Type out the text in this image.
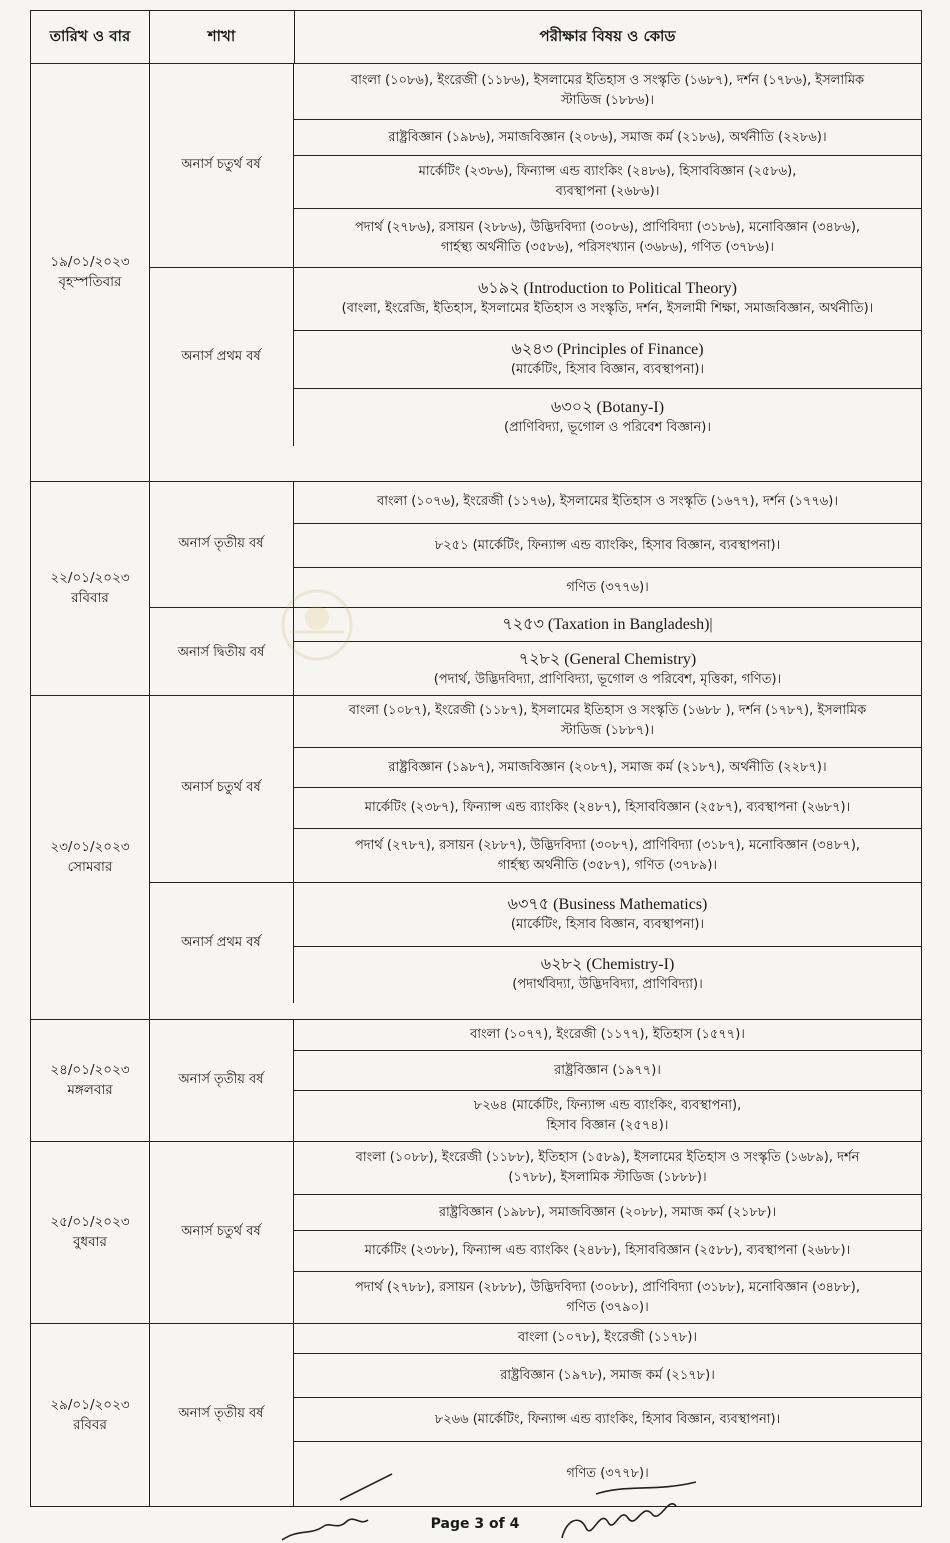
তারিখ ও বার	শাখা	পরীক্ষার বিষয় ও কোড
১৯/০১/২০২৩
বৃহস্পতিবার
অনার্স চতুর্থ বর্ষ
বাংলা (১০৮৬), ইংরেজী (১১৮৬), ইসলামের ইতিহাস ও সংস্কৃতি (১৬৮৭), দর্শন (১৭৮৬), ইসলামিক
স্টাডিজ (১৮৮৬)।
রাষ্ট্রবিজ্ঞান (১৯৮৬), সমাজবিজ্ঞান (২০৮৬), সমাজ কর্ম (২১৮৬), অর্থনীতি (২২৮৬)।
মার্কেটিং (২৩৮৬), ফিন্যান্স এন্ড ব্যাংকিং (২৪৮৬), হিসাববিজ্ঞান (২৫৮৬),
ব্যবস্থাপনা (২৬৮৬)।
পদার্থ (২৭৮৬), রসায়ন (২৮৮৬), উদ্ভিদবিদ্যা (৩০৮৬), প্রাণিবিদ্যা (৩১৮৬), মনোবিজ্ঞান (৩৪৮৬),
গার্হস্থ্য অর্থনীতি (৩৫৮৬), পরিসংখ্যান (৩৬৮৬), গণিত (৩৭৮৬)।
অনার্স প্রথম বর্ষ
৬১৯২ (Introduction to Political Theory)
(বাংলা, ইংরেজি, ইতিহাস, ইসলামের ইতিহাস ও সংস্কৃতি, দর্শন, ইসলামী শিক্ষা, সমাজবিজ্ঞান, অর্থনীতি)।
৬২৪৩ (Principles of Finance)
(মার্কেটিং, হিসাব বিজ্ঞান, ব্যবস্থাপনা)।
৬৩০২ (Botany-I)
(প্রাণিবিদ্যা, ভূগোল ও পরিবেশ বিজ্ঞান)।
২২/০১/২০২৩
রবিবার
অনার্স তৃতীয় বর্ষ
বাংলা (১০৭৬), ইংরেজী (১১৭৬), ইসলামের ইতিহাস ও সংস্কৃতি (১৬৭৭), দর্শন (১৭৭৬)।
৮২৫১ (মার্কেটিং, ফিন্যান্স এন্ড ব্যাংকিং, হিসাব বিজ্ঞান, ব্যবস্থাপনা)।
গণিত (৩৭৭৬)।
অনার্স দ্বিতীয় বর্ষ
৭২৫৩ (Taxation in Bangladesh)|
৭২৮২ (General Chemistry)
(পদার্থ, উদ্ভিদবিদ্যা, প্রাণিবিদ্যা, ভূগোল ও পরিবেশ, মৃত্তিকা, গণিত)।
২৩/০১/২০২৩
সোমবার
অনার্স চতুর্থ বর্ষ
বাংলা (১০৮৭), ইংরেজী (১১৮৭), ইসলামের ইতিহাস ও সংস্কৃতি (১৬৮৮ ), দর্শন (১৭৮৭), ইসলামিক
স্টাডিজ (১৮৮৭)।
রাষ্ট্রবিজ্ঞান (১৯৮৭), সমাজবিজ্ঞান (২০৮৭), সমাজ কর্ম (২১৮৭), অর্থনীতি (২২৮৭)।
মার্কেটিং (২৩৮৭), ফিন্যান্স এন্ড ব্যাংকিং (২৪৮৭), হিসাববিজ্ঞান (২৫৮৭), ব্যবস্থাপনা (২৬৮৭)।
পদার্থ (২৭৮৭), রসায়ন (২৮৮৭), উদ্ভিদবিদ্যা (৩০৮৭), প্রাণিবিদ্যা (৩১৮৭), মনোবিজ্ঞান (৩৪৮৭),
গার্হস্থ্য অর্থনীতি (৩৫৮৭), গণিত (৩৭৮৯)।
অনার্স প্রথম বর্ষ
৬৩৭৫ (Business Mathematics)
(মার্কেটিং, হিসাব বিজ্ঞান, ব্যবস্থাপনা)।
৬২৮২ (Chemistry-I)
(পদার্থবিদ্যা, উদ্ভিদবিদ্যা, প্রাণিবিদ্যা)।
২৪/০১/২০২৩
মঙ্গলবার
অনার্স তৃতীয় বর্ষ
বাংলা (১০৭৭), ইংরেজী (১১৭৭), ইতিহাস (১৫৭৭)।
রাষ্ট্রবিজ্ঞান (১৯৭৭)।
৮২৬৪ (মার্কেটিং, ফিন্যান্স এন্ড ব্যাংকিং, ব্যবস্থাপনা),
হিসাব বিজ্ঞান (২৫৭৪)।
২৫/০১/২০২৩
বুধবার
অনার্স চতুর্থ বর্ষ
বাংলা (১০৮৮), ইংরেজী (১১৮৮), ইতিহাস (১৫৮৯), ইসলামের ইতিহাস ও সংস্কৃতি (১৬৮৯), দর্শন
(১৭৮৮), ইসলামিক স্টাডিজ (১৮৮৮)।
রাষ্ট্রবিজ্ঞান (১৯৮৮), সমাজবিজ্ঞান (২০৮৮), সমাজ কর্ম (২১৮৮)।
মার্কেটিং (২৩৮৮), ফিন্যান্স এন্ড ব্যাংকিং (২৪৮৮), হিসাববিজ্ঞান (২৫৮৮), ব্যবস্থাপনা (২৬৮৮)।
পদার্থ (২৭৮৮), রসায়ন (২৮৮৮), উদ্ভিদবিদ্যা (৩০৮৮), প্রাণিবিদ্যা (৩১৮৮), মনোবিজ্ঞান (৩৪৮৮),
গণিত (৩৭৯০)।
২৯/০১/২০২৩
রবিবর
অনার্স তৃতীয় বর্ষ
বাংলা (১০৭৮), ইংরেজী (১১৭৮)।
রাষ্ট্রবিজ্ঞান (১৯৭৮), সমাজ কর্ম (২১৭৮)।
৮২৬৬ (মার্কেটিং, ফিন্যান্স এন্ড ব্যাংকিং, হিসাব বিজ্ঞান, ব্যবস্থাপনা)।
গণিত (৩৭৭৮)।
Page 3 of 4
